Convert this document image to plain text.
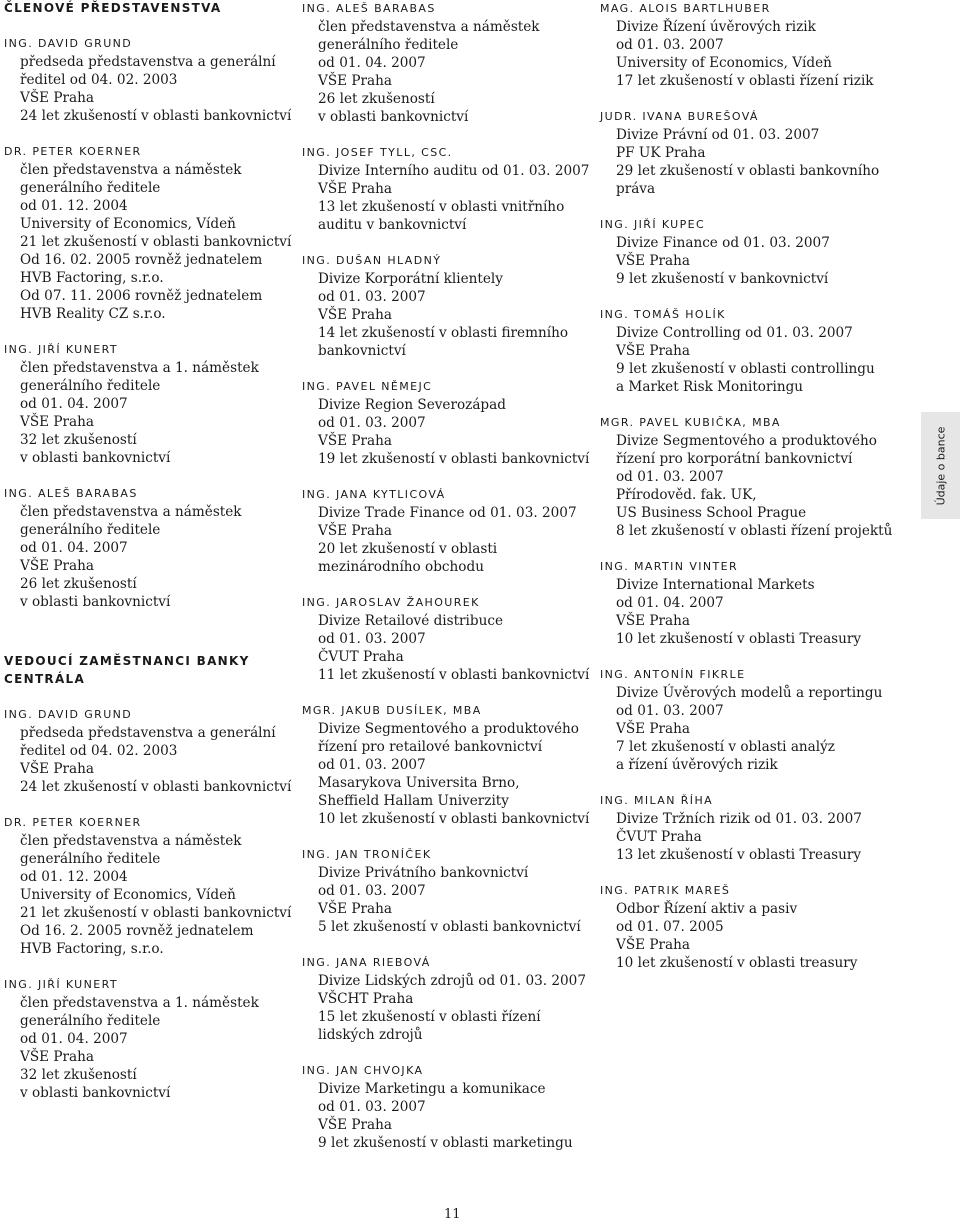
ČLENOVÉ PŘEDSTAVENSTVA
ING. DAVID GRUND
předseda představenstva a generální
ředitel od 04. 02. 2003
VŠE Praha
24 let zkušeností v oblasti bankovnictví
DR. PETER KOERNER
člen představenstva a náměstek
generálního ředitele
od 01. 12. 2004
University of Economics, Vídeň
21 let zkušeností v oblasti bankovnictví
Od 16. 02. 2005 rovněž jednatelem
HVB Factoring, s.r.o.
Od 07. 11. 2006 rovněž jednatelem
HVB Reality CZ s.r.o.
ING. JIŘÍ KUNERT
člen představenstva a 1. náměstek
generálního ředitele
od 01. 04. 2007
VŠE Praha
32 let zkušeností
v oblasti bankovnictví
ING. ALEŠ BARABAS
člen představenstva a náměstek
generálního ředitele
od 01. 04. 2007
VŠE Praha
26 let zkušeností
v oblasti bankovnictví
VEDOUCÍ ZAMĚSTNANCI BANKY
CENTRÁLA
ING. DAVID GRUND
předseda představenstva a generální
ředitel od 04. 02. 2003
VŠE Praha
24 let zkušeností v oblasti bankovnictví
DR. PETER KOERNER
člen představenstva a náměstek
generálního ředitele
od 01. 12. 2004
University of Economics, Vídeň
21 let zkušeností v oblasti bankovnictví
Od 16. 2. 2005 rovněž jednatelem
HVB Factoring, s.r.o.
ING. JIŘÍ KUNERT
člen představenstva a 1. náměstek
generálního ředitele
od 01. 04. 2007
VŠE Praha
32 let zkušeností
v oblasti bankovnictví
ING. ALEŠ BARABAS
člen představenstva a náměstek
generálního ředitele
od 01. 04. 2007
VŠE Praha
26 let zkušeností
v oblasti bankovnictví
ING. JOSEF TYLL, CSC.
Divize Interního auditu od 01. 03. 2007
VŠE Praha
13 let zkušeností v oblasti vnitřního
auditu v bankovnictví
ING. DUŠAN HLADNÝ
Divize Korporátní klientely
od 01. 03. 2007
VŠE Praha
14 let zkušeností v oblasti firemního
bankovnictví
ING. PAVEL NĚMEJC
Divize Region Severozápad
od 01. 03. 2007
VŠE Praha
19 let zkušeností v oblasti bankovnictví
ING. JANA KYTLICOVÁ
Divize Trade Finance od 01. 03. 2007
VŠE Praha
20 let zkušeností v oblasti
mezinárodního obchodu
ING. JAROSLAV ŽAHOUREK
Divize Retailové distribuce
od 01. 03. 2007
ČVUT Praha
11 let zkušeností v oblasti bankovnictví
MGR. JAKUB DUSÍLEK, MBA
Divize Segmentového a produktového
řízení pro retailové bankovnictví
od 01. 03. 2007
Masarykova Universita Brno,
Sheffield Hallam Univerzity
10 let zkušeností v oblasti bankovnictví
ING. JAN TRONÍČEK
Divize Privátního bankovnictví
od 01. 03. 2007
VŠE Praha
5 let zkušeností v oblasti bankovnictví
ING. JANA RIEBOVÁ
Divize Lidských zdrojů od 01. 03. 2007
VŠCHT Praha
15 let zkušeností v oblasti řízení
lidských zdrojů
ING. JAN CHVOJKA
Divize Marketingu a komunikace
od 01. 03. 2007
VŠE Praha
9 let zkušeností v oblasti marketingu
MAG. ALOIS BARTLHUBER
Divize Řízení úvěrových rizik
od 01. 03. 2007
University of Economics, Vídeň
17 let zkušeností v oblasti řízení rizik
JUDR. IVANA BUREŠOVÁ
Divize Právní od 01. 03. 2007
PF UK Praha
29 let zkušeností v oblasti bankovního
práva
ING. JIŘÍ KUPEC
Divize Finance od 01. 03. 2007
VŠE Praha
9 let zkušeností v bankovnictví
ING. TOMÁŠ HOLÍK
Divize Controlling od 01. 03. 2007
VŠE Praha
9 let zkušeností v oblasti controllingu
a Market Risk Monitoringu
MGR. PAVEL KUBIČKA, MBA
Divize Segmentového a produktového
řízení pro korporátní bankovnictví
od 01. 03. 2007
Přírodověd. fak. UK,
US Business School Prague
8 let zkušeností v oblasti řízení projektů
ING. MARTIN VINTER
Divize International Markets
od 01. 04. 2007
VŠE Praha
10 let zkušeností v oblasti Treasury
ING. ANTONÍN FIKRLE
Divize Úvěrových modelů a reportingu
od 01. 03. 2007
VŠE Praha
7 let zkušeností v oblasti analýz
a řízení úvěrových rizik
ING. MILAN ŘÍHA
Divize Tržních rizik od 01. 03. 2007
ČVUT Praha
13 let zkušeností v oblasti Treasury
ING. PATRIK MAREŠ
Odbor Řízení aktiv a pasiv
od 01. 07. 2005
VŠE Praha
10 let zkušeností v oblasti treasury
Údaje o bance
11
